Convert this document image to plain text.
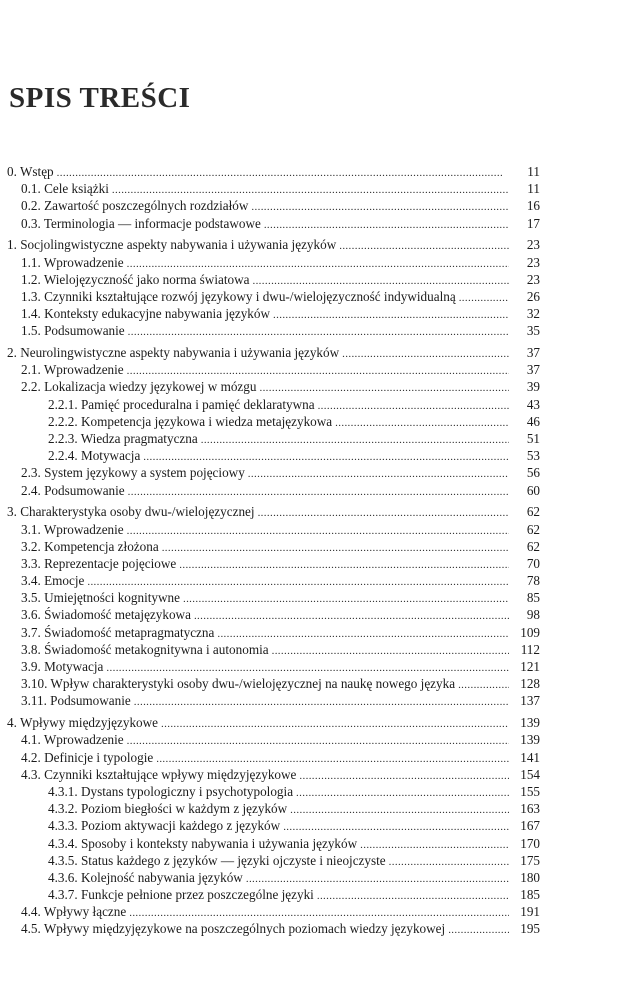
SPIS TREŚCI
0. Wstęp . . .	11
0.1. Cele książki . . .	11
0.2. Zawartość poszczególnych rozdziałów . . .	16
0.3. Terminologia — informacje podstawowe . . .	17
1. Socjolingwistyczne aspekty nabywania i używania języków . . .	23
1.1. Wprowadzenie . . .	23
1.2. Wielojęzyczność jako norma światowa . . .	23
1.3. Czynniki kształtujące rozwój językowy i dwu-/wielojęzyczność indywidualną . . .	26
1.4. Konteksty edukacyjne nabywania języków . . .	32
1.5. Podsumowanie . . .	35
2. Neurolingwistyczne aspekty nabywania i używania języków . . .	37
2.1. Wprowadzenie . . .	37
2.2. Lokalizacja wiedzy językowej w mózgu . . .	39
2.2.1. Pamięć proceduralna i pamięć deklaratywna . . .	43
2.2.2. Kompetencja językowa i wiedza metajęzykowa . . .	46
2.2.3. Wiedza pragmatyczna . . .	51
2.2.4. Motywacja . . .	53
2.3. System językowy a system pojęciowy . . .	56
2.4. Podsumowanie . . .	60
3. Charakterystyka osoby dwu-/wielojęzycznej . . .	62
3.1. Wprowadzenie . . .	62
3.2. Kompetencja złożona . . .	62
3.3. Reprezentacje pojęciowe . . .	70
3.4. Emocje . . .	78
3.5. Umiejętności kognitywne . . .	85
3.6. Świadomość metajęzykowa . . .	98
3.7. Świadomość metapragmatyczna . . .	109
3.8. Świadomość metakognitywna i autonomia . . .	112
3.9. Motywacja . . .	121
3.10. Wpływ charakterystyki osoby dwu-/wielojęzycznej na naukę nowego języka . . .	128
3.11. Podsumowanie . . .	137
4. Wpływy międzyjęzykowe . . .	139
4.1. Wprowadzenie . . .	139
4.2. Definicje i typologie . . .	141
4.3. Czynniki kształtujące wpływy międzyjęzykowe . . .	154
4.3.1. Dystans typologiczny i psychotypologia . . .	155
4.3.2. Poziom biegłości w każdym z języków . . .	163
4.3.3. Poziom aktywacji każdego z języków . . .	167
4.3.4. Sposoby i konteksty nabywania i używania języków . . .	170
4.3.5. Status każdego z języków — języki ojczyste i nieojczyste . . .	175
4.3.6. Kolejność nabywania języków . . .	180
4.3.7. Funkcje pełnione przez poszczególne języki . . .	185
4.4. Wpływy łączne . . .	191
4.5. Wpływy międzyjęzykowe na poszczególnych poziomach wiedzy językowej . . .	195
